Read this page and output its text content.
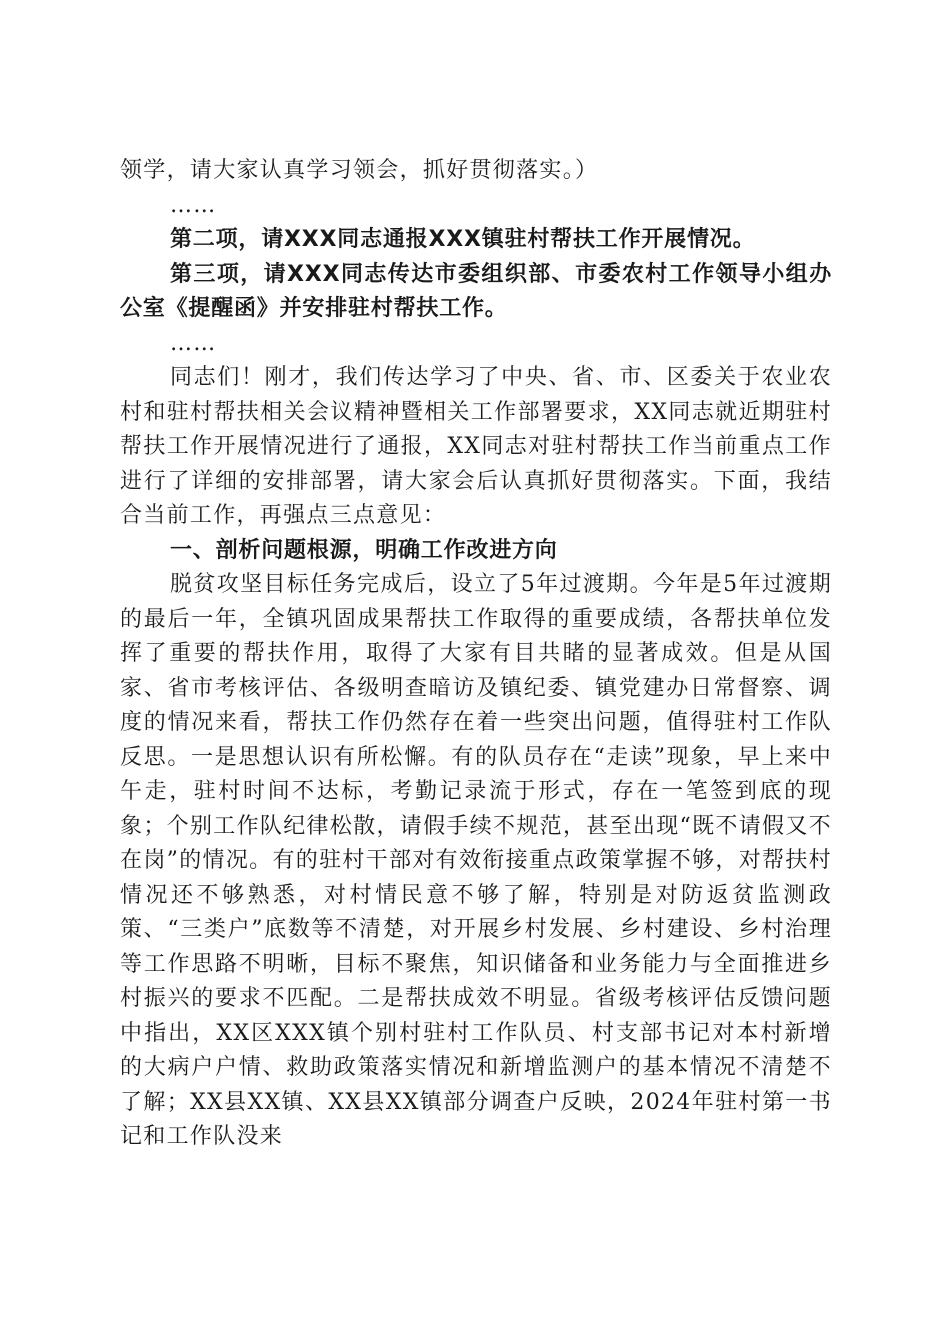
领学，请大家认真学习领会，抓好贯彻落实。）

……

第二项，请XXX同志通报XXX镇驻村帮扶工作开展情况。

第三项，请XXX同志传达市委组织部、市委农村工作领导小组办公室《提醒函》并安排驻村帮扶工作。

……

同志们！刚才，我们传达学习了中央、省、市、区委关于农业农村和驻村帮扶相关会议精神暨相关工作部署要求，XX同志就近期驻村帮扶工作开展情况进行了通报，XX同志对驻村帮扶工作当前重点工作进行了详细的安排部署，请大家会后认真抓好贯彻落实。下面，我结合当前工作，再强点三点意见：

一、剖析问题根源，明确工作改进方向

脱贫攻坚目标任务完成后，设立了5年过渡期。今年是5年过渡期的最后一年，全镇巩固成果帮扶工作取得的重要成绩，各帮扶单位发挥了重要的帮扶作用，取得了大家有目共睹的显著成效。但是从国家、省市考核评估、各级明查暗访及镇纪委、镇党建办日常督察、调度的情况来看，帮扶工作仍然存在着一些突出问题，值得驻村工作队反思。一是思想认识有所松懈。有的队员存在“走读”现象，早上来中午走，驻村时间不达标，考勤记录流于形式，存在一笔签到底的现象；个别工作队纪律松散，请假手续不规范，甚至出现“既不请假又不在岗”的情况。有的驻村干部对有效衔接重点政策掌握不够，对帮扶村情况还不够熟悉，对村情民意不够了解，特别是对防返贫监测政策、“三类户”底数等不清楚，对开展乡村发展、乡村建设、乡村治理等工作思路不明晰，目标不聚焦，知识储备和业务能力与全面推进乡村振兴的要求不匹配。二是帮扶成效不明显。省级考核评估反馈问题中指出，XX区XXX镇个别村驻村工作队员、村支部书记对本村新增的大病户户情、救助政策落实情况和新增监测户的基本情况不清楚不了解；XX县XX镇、XX县XX镇部分调查户反映，2024年驻村第一书记和工作队没来
